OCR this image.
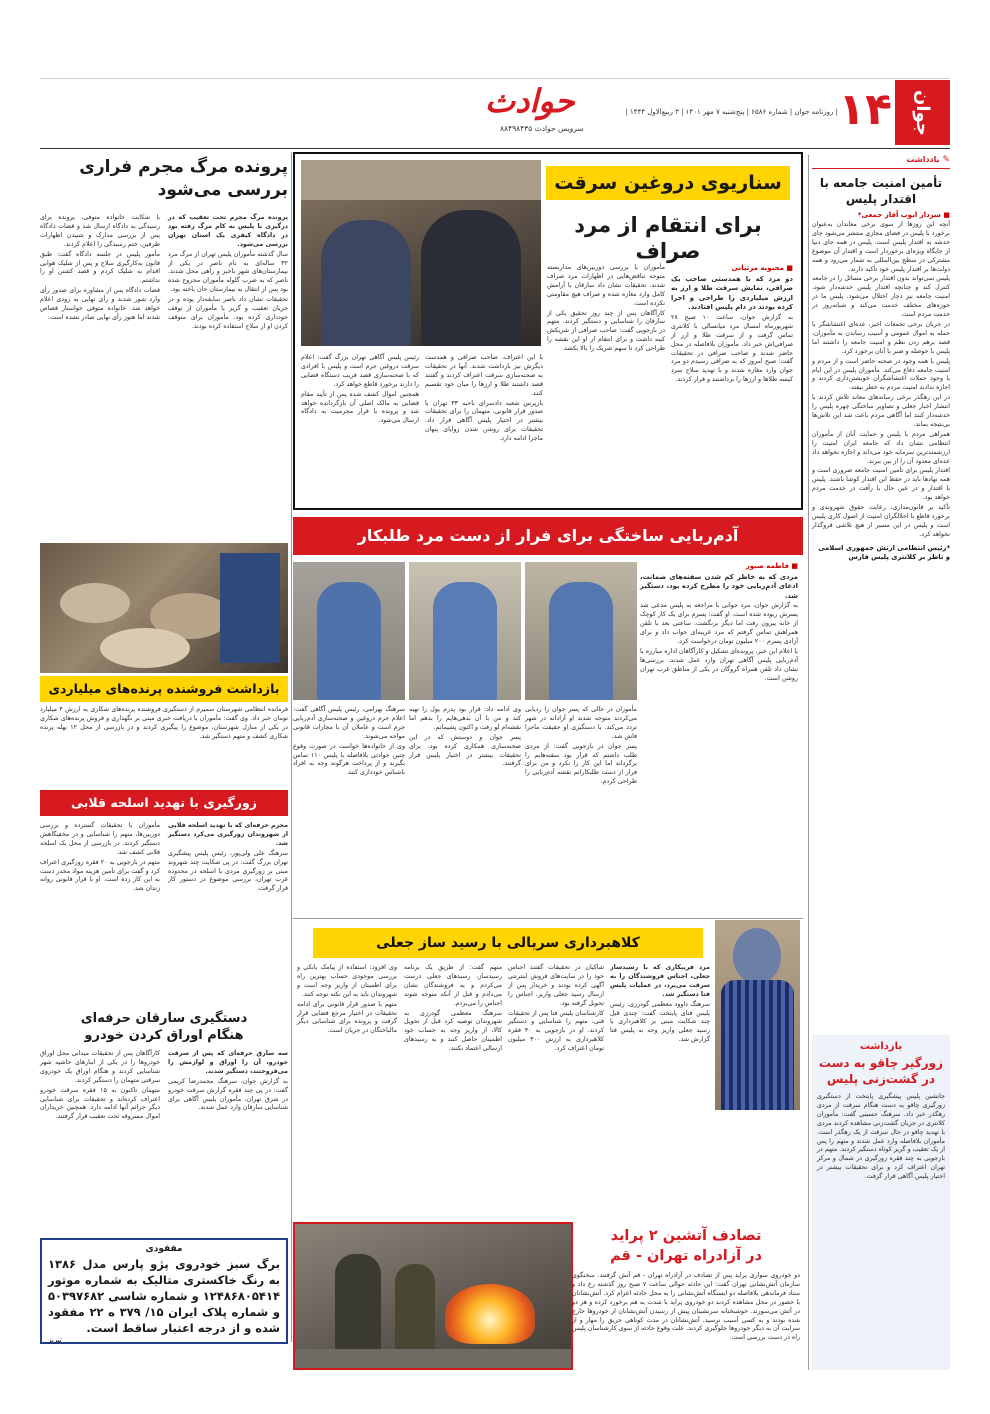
جوان
۱۴
| روزنامه جوان | شماره ۶۵۸۶ | پنج‌شنبه ۷ مهر ۱۴۰۱ | ۳ ربیع‌الاول ۱۴۴۴ |
حوادث
سرویس حوادث ۸۸۴۹۸۴۳۵
✎ یادداشت
تأمین امنیت جامعه با اقتدار پلیس
■ سردار ایوب آقاز جمعی*

آنچه این روزها از سوی برخی معاندان به‌عنوان برخورد با پلیس در فضای مجازی منتشر می‌شود جای خدشه به اقتدار پلیس است. پلیس در همه جای دنیا از جایگاه ویژه‌ای برخوردار است و اقتدار آن موضوع مشترکی در سطح بین‌المللی به شمار می‌رود و همه دولت‌ها بر اقتدار پلیس خود تأکید دارند.

پلیس نمی‌تواند بدون اقتدار برخی مسائل را در جامعه کنترل کند و چنانچه اقتدار پلیس خدشه‌دار شود، امنیت جامعه نیز دچار اختلال می‌شود. پلیس ما در حوزه‌های مختلف خدمت می‌کند و شبانه‌روز در خدمت مردم است.

در جریان برخی تجمعات اخیر، عده‌ای اغتشاشگر با حمله به اموال عمومی و آسیب رساندن به مأموران، قصد برهم زدن نظم و امنیت جامعه را داشتند اما پلیس با حوصله و صبر با آنان برخورد کرد.

پلیس با همه وجود در صحنه حاضر است و از مردم و امنیت جامعه دفاع می‌کند. مأموران پلیس در این ایام با وجود حملات اغتشاشگران خویشتن‌داری کردند و اجازه ندادند امنیت مردم به خطر بیفتد.

در این رهگذر برخی رسانه‌های معاند تلاش کردند با انتشار اخبار جعلی و تصاویر ساختگی چهره پلیس را خدشه‌دار کنند اما آگاهی مردم باعث شد این تلاش‌ها بی‌نتیجه بماند.

همراهی مردم با پلیس و حمایت آنان از مأموران انتظامی نشان داد که جامعه ایران امنیت را ارزشمندترین سرمایه خود می‌داند و اجازه نخواهد داد عده‌ای معدود آن را از بین ببرند.

اقتدار پلیس برای تأمین امنیت جامعه ضروری است و همه نهادها باید در حفظ این اقتدار کوشا باشند. پلیس با اقتدار و در عین حال با رأفت در خدمت مردم خواهد بود.

تأکید بر قانون‌مداری، رعایت حقوق شهروندی و برخورد قاطع با اخلالگران امنیت از اصول کاری پلیس است و پلیس در این مسیر از هیچ تلاشی فروگذار نخواهد کرد.

*رئیس انتظامی ارتش جمهوری اسلامی و ناظر بر کلانتری پلیس فارس
بازداشت
زورگیر چاقو به دست در گشت‌زنی پلیس
جانشین پلیس پیشگیری پایتخت از دستگیری زورگیری چاقو به دست هنگام سرقت از مردی رهگذر خبر داد. سرهنگ حسینی گفت: مأموران کلانتری در جریان گشت‌زنی مشاهده کردند مردی با تهدید چاقو در حال سرقت از یک رهگذر است. مأموران بلافاصله وارد عمل شدند و متهم را پس از یک تعقیب و گریز کوتاه دستگیر کردند. متهم در بازجویی به چند فقره زورگیری در شمال و مرکز تهران اعتراف کرد و برای تحقیقات بیشتر در اختیار پلیس آگاهی قرار گرفت.
سناریوی دروغین سرقت برای انتقام از مرد صراف
■ محبوبه مرتیانی

دو مرد که با همدستی صاحب یک صرافی، نمایش سرقت طلا و ارز به ارزش میلیاردی را طراحی و اجرا کرده بودند در دام پلیس افتادند.

به گزارش جوان، ساعت ۱۰ صبح ۲۸ شهریورماه امسال مرد میانسالی با کلانتری تماس گرفت و از سرقت طلا و ارز از صرافی‌اش خبر داد. مأموران بلافاصله در محل حاضر شدند و صاحب صرافی در تحقیقات گفت: صبح امروز که به صرافی رسیدم دو مرد جوان وارد مغازه شدند و با تهدید سلاح سرد کیسه طلاها و ارزها را برداشتند و فرار کردند.

مأموران با بررسی دوربین‌های مداربسته متوجه تناقض‌هایی در اظهارات مرد صراف شدند. تحقیقات نشان داد سارقان با آرامش کامل وارد مغازه شده و صراف هیچ مقاومتی نکرده است.

کارآگاهان پس از چند روز تحقیق یکی از سارقان را شناسایی و دستگیر کردند. متهم در بازجویی گفت: صاحب صرافی از شریکش کینه داشت و برای انتقام از او این نقشه را طراحی کرد تا سهم شریک را بالا بکشد.

با این اعتراف، صاحب صرافی و همدست دیگرش نیز بازداشت شدند. آنها در تحقیقات به صحنه‌سازی سرقت اعتراف کردند و گفتند قصد داشتند طلا و ارزها را میان خود تقسیم کنند.

بازپرس شعبه دادسرای ناحیه ۳۳ تهران با صدور قرار قانونی، متهمان را برای تحقیقات بیشتر در اختیار پلیس آگاهی قرار داد. تحقیقات برای روشن شدن زوایای پنهان ماجرا ادامه دارد.

رئیس پلیس آگاهی تهران بزرگ گفت: اعلام سرقت دروغین جرم است و پلیس با افرادی که با صحنه‌سازی قصد فریب دستگاه قضایی را دارند برخورد قاطع خواهد کرد.

همچنین اموال کشف شده پس از تأیید مقام قضایی به مالک اصلی آن بازگردانده خواهد شد و پرونده با قرار مجرمیت به دادگاه ارسال می‌شود.

پرونده مرگ مجرم فراری
بررسی می‌شود

پرونده مرگ مجرم تحت تعقیب که در درگیری با پلیس به کام مرگ رفته بود در دادگاه کیفری یک استان تهران بررسی می‌شود.

سال گذشته مأموران پلیس تهران از مرگ مرد ۳۲ ساله‌ای به نام ناصر در یکی از بیمارستان‌های شهر باخبر و راهی محل شدند. ناصر که به ضرب گلوله مأموران مجروح شده بود پس از انتقال به بیمارستان جان باخته بود.

تحقیقات نشان داد ناصر سابقه‌دار بوده و در جریان تعقیب و گریز با مأموران از توقف خودداری کرده بود. مأموران برای متوقف کردن او از سلاح استفاده کرده بودند.

با شکایت خانواده متوفی، پرونده برای رسیدگی به دادگاه ارسال شد و قضات دادگاه پس از بررسی مدارک و شنیدن اظهارات طرفین، ختم رسیدگی را اعلام کردند.

مأمور پلیس در جلسه دادگاه گفت: طبق قانون به‌کارگیری سلاح و پس از شلیک هوایی اقدام به شلیک کردم و قصد کشتن او را نداشتم.

قضات دادگاه پس از مشاوره برای صدور رأی وارد شور شدند و رأی نهایی به زودی اعلام خواهد شد. خانواده متوفی خواستار قصاص شدند اما هنوز رأی نهایی صادر نشده است.

بازداشت فروشنده پرنده‌های میلیاردی
فرمانده انتظامی شهرستان سمیرم از دستگیری فروشنده پرنده‌های شکاری به ارزش ۴ میلیارد تومان خبر داد. وی گفت: مأموران با دریافت خبری مبنی بر نگهداری و فروش پرنده‌های شکاری در یکی از منازل شهرستان، موضوع را پیگیری کردند و در بازرسی از محل ۱۲ بهله پرنده شکاری کشف و متهم دستگیر شد.
زورگیری با تهدید اسلحه قلابی

مجرم حرفه‌ای که با تهدید اسلحه قلابی از شهروندان زورگیری می‌کرد دستگیر شد.

سرهنگ علی ولی‌پور، رئیس پلیس پیشگیری تهران بزرگ گفت: در پی شکایت چند شهروند مبنی بر زورگیری مردی با اسلحه در محدوده غرب تهران، بررسی موضوع در دستور کار قرار گرفت.

مأموران با تحقیقات گسترده و بررسی دوربین‌ها، متهم را شناسایی و در مخفیگاهش دستگیر کردند. در بازرسی از محل یک اسلحه قلابی کشف شد.

متهم در بازجویی به ۲۰ فقره زورگیری اعتراف کرد و گفت برای تأمین هزینه مواد مخدر دست به این کار زده است. او با قرار قانونی روانه زندان شد.

دستگیری سارقان حرفه‌ای
هنگام اوراق کردن خودرو

سه سارق حرفه‌ای که پس از سرقت خودرو، آن را اوراق و لوازمش را می‌فروختند، دستگیر شدند.

به گزارش جوان، سرهنگ محمدرضا کریمی گفت: در پی چند فقره گزارش سرقت خودرو در شرق تهران، مأموران پلیس آگاهی برای شناسایی سارقان وارد عمل شدند.

کارآگاهان پس از تحقیقات میدانی محل اوراق خودروها را در یکی از انبارهای حاشیه شهر شناسایی کردند و هنگام اوراق یک خودروی سرقتی متهمان را دستگیر کردند.

متهمان تاکنون به ۱۵ فقره سرقت خودرو اعتراف کرده‌اند و تحقیقات برای شناسایی دیگر جرائم آنها ادامه دارد. همچنین خریداران اموال مسروقه تحت تعقیب قرار گرفتند.

مفقودی
برگ سبز خودروی پژو پارس مدل ۱۳۸۶ به رنگ خاکستری متالیک به شماره موتور ۱۲۴۸۶۸۰۵۴۱۴ و شماره شاسی ۵۰۳۹۷۶۸۲ و شماره پلاک ایران ۱۵/ ۳۷۹ ه ۲۲ مفقود شده و از درجه اعتبار ساقط است.
تبریز
آدم‌ربایی ساختگی برای فرار از دست مرد طلبکار
■ فاطمه صبور

مردی که به خاطر کم شدن سفته‌های ضمانت، ادعای آدم‌ربایی خود را مطرح کرده بود، دستگیر شد.

به گزارش جوان، مرد جوانی با مراجعه به پلیس مدعی شد پسرش ربوده شده است. او گفت: پسرم برای یک کار کوچک از خانه بیرون رفت اما دیگر برنگشت. ساعتی بعد با تلفن همراهش تماس گرفتم که مرد غریبه‌ای جواب داد و برای آزادی پسرم ۲۰۰ میلیون تومان درخواست کرد.

با اعلام این خبر، پرونده‌ای تشکیل و کارآگاهان اداره مبارزه با آدم‌ربایی پلیس آگاهی تهران وارد عمل شدند. بررسی‌ها نشان داد تلفن همراه گروگان در یکی از مناطق غرب تهران روشن است.

مأموران در حالی که پسر جوان را ردیابی می‌کردند متوجه شدند او آزادانه در شهر تردد می‌کند. با دستگیری او حقیقت ماجرا فاش شد.

پسر جوان در بازجویی گفت: از مردی طلب داشتم که قرار بود سفته‌هایم را برگرداند اما این کار را نکرد و من برای فرار از دست طلبکارانم نقشه آدم‌ربایی را طراحی کردم.

وی ادامه داد: قرار بود پدرم پول را تهیه کند و من با آن بدهی‌هایم را بدهم اما نقشه‌ام لو رفت و اکنون پشیمانم.

پسر جوان و دوستش که در این صحنه‌سازی همکاری کرده بود، برای تحقیقات بیشتر در اختیار پلیس قرار گرفتند.

سرهنگ بهرامی، رئیس پلیس آگاهی گفت: اعلام جرم دروغین و صحنه‌سازی آدم‌ربایی جرم است و عاملان آن با مجازات قانونی مواجه می‌شوند.

وی از خانواده‌ها خواست در صورت وقوع چنین حوادثی بلافاصله با پلیس ۱۱۰ تماس بگیرند و از پرداخت هرگونه وجه به افراد ناشناس خودداری کنند.

کلاهبرداری سریالی با رسید ساز جعلی

مرد فریبکاری که با رسیدساز جعلی، اجناس فروشندگان را به سرقت می‌برد، در عملیات پلیس فتا دستگیر شد.

سرهنگ داوود معظمی گودرزی، رئیس پلیس فتای پایتخت گفت: چندی قبل چند شکایت مبنی بر کلاهبرداری با رسید جعلی واریز وجه به پلیس فتا گزارش شد.

شاکیان در تحقیقات گفتند اجناس خود را در سایت‌های فروش اینترنتی آگهی کرده بودند و خریدار پس از ارسال رسید جعلی واریز، اجناس را تحویل گرفته بود.

کارشناسان پلیس فتا پس از تحقیقات فنی، متهم را شناسایی و دستگیر کردند. او در بازجویی به ۴۰ فقره کلاهبرداری به ارزش ۳۰۰ میلیون تومان اعتراف کرد.

متهم گفت: از طریق یک برنامه رسیدساز، رسیدهای جعلی درست می‌کردم و به فروشندگان نشان می‌دادم و قبل از آنکه متوجه شوند اجناس را می‌بردم.

سرهنگ معظمی گودرزی به شهروندان توصیه کرد قبل از تحویل کالا، از واریز وجه به حساب خود اطمینان حاصل کنند و به رسیدهای ارسالی اعتماد نکنند.

وی افزود: استفاده از پیامک بانکی و بررسی موجودی حساب بهترین راه برای اطمینان از واریز وجه است و شهروندان باید به این نکته توجه کنند.

متهم با صدور قرار قانونی برای ادامه تحقیقات در اختیار مرجع قضایی قرار گرفت و پرونده برای شناسایی دیگر مالباختگان در جریان است.

تصادف آتشین ۲ پراید
در آزادراه تهران - قم
دو خودروی سواری پراید پس از تصادف در آزادراه تهران - قم آتش گرفتند. سخنگوی سازمان آتش‌نشانی تهران گفت: این حادثه حوالی ساعت ۷ صبح روز گذشته رخ داد و ستاد فرماندهی بلافاصله دو ایستگاه آتش‌نشانی را به محل حادثه اعزام کرد. آتش‌نشانان با حضور در محل مشاهده کردند دو خودروی پراید با شدت به هم برخورد کرده و هر دو در آتش می‌سوزند. خوشبختانه سرنشینان پیش از رسیدن آتش‌نشانان از خودروها خارج شده بودند و به کسی آسیب نرسید. آتش‌نشانان در مدت کوتاهی حریق را مهار و از سرایت آن به دیگر خودروها جلوگیری کردند. علت وقوع حادثه از سوی کارشناسان پلیس راه در دست بررسی است.
